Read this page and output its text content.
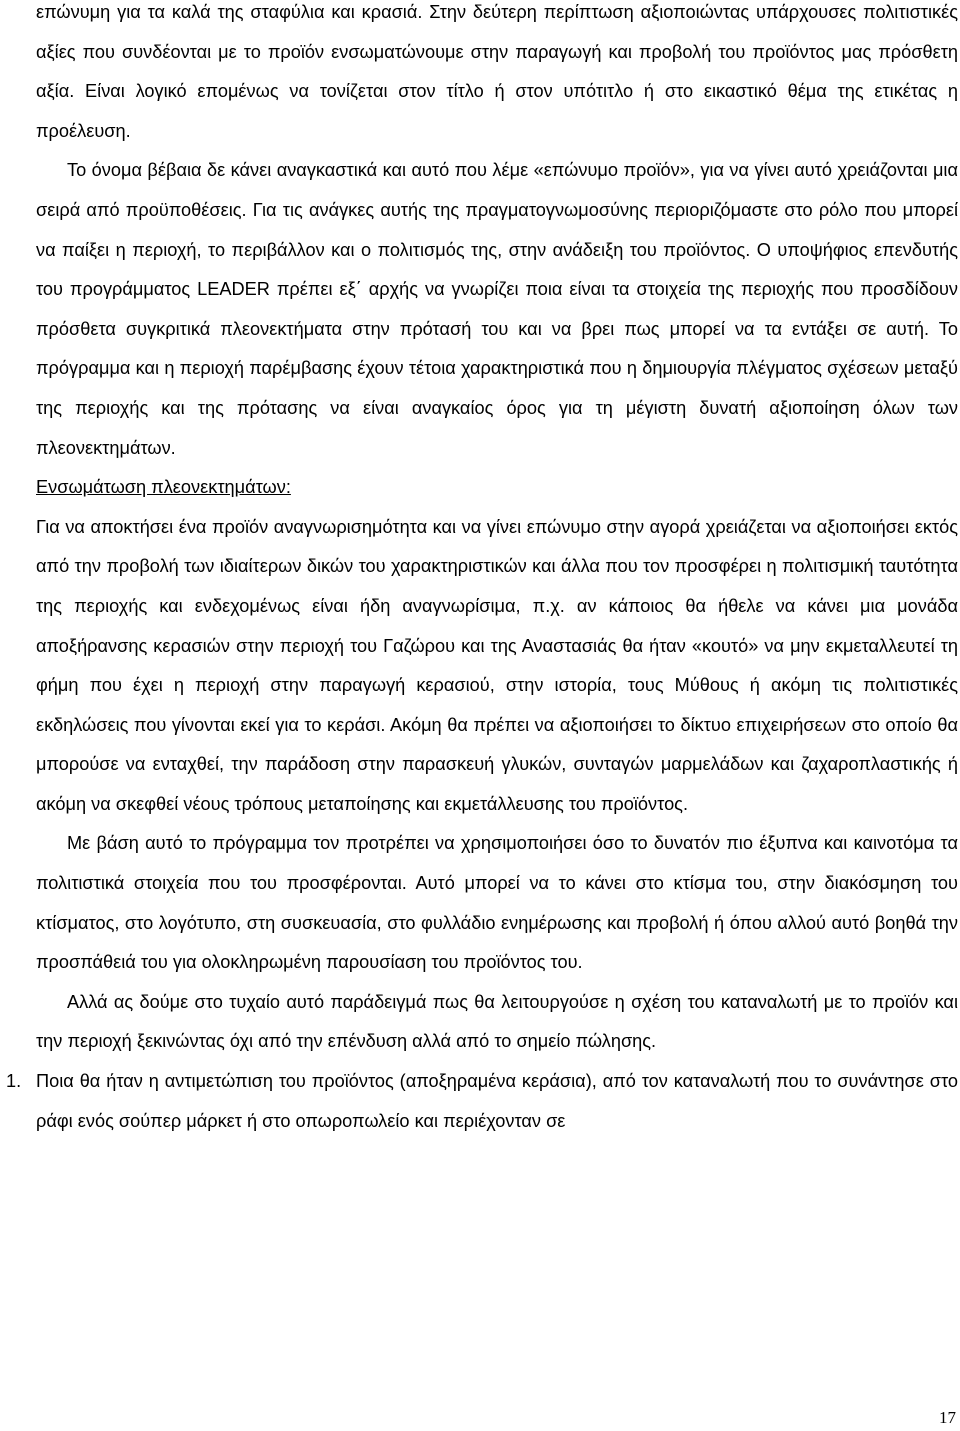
επώνυμη για τα καλά της σταφύλια και κρασιά. Στην δεύτερη περίπτωση αξιοποιώντας υπάρχουσες πολιτιστικές αξίες που συνδέονται με το προϊόν ενσωματώνουμε στην παραγωγή και προβολή του προϊόντος μας πρόσθετη αξία. Είναι λογικό επομένως να τονίζεται στον τίτλο ή στον υπότιτλο ή στο εικαστικό θέμα της ετικέτας η προέλευση.

Το όνομα βέβαια δε κάνει αναγκαστικά και αυτό που λέμε «επώνυμο προϊόν», για να γίνει αυτό χρειάζονται μια σειρά από προϋποθέσεις. Για τις ανάγκες αυτής της πραγματογνωμοσύνης περιοριζόμαστε στο ρόλο που μπορεί να παίξει η περιοχή, το περιβάλλον και ο πολιτισμός της, στην ανάδειξη του προϊόντος. Ο υποψήφιος επενδυτής του προγράμματος LEADER πρέπει εξ΄ αρχής να γνωρίζει ποια είναι τα στοιχεία της περιοχής που προσδίδουν πρόσθετα συγκριτικά πλεονεκτήματα στην πρότασή του και να βρει πως μπορεί να τα εντάξει σε αυτή. Το πρόγραμμα και η περιοχή παρέμβασης έχουν τέτοια χαρακτηριστικά που η δημιουργία πλέγματος σχέσεων μεταξύ της περιοχής και της πρότασης να είναι αναγκαίος όρος για τη μέγιστη δυνατή αξιοποίηση όλων των πλεονεκτημάτων.

Ενσωμάτωση πλεονεκτημάτων:

Για να αποκτήσει ένα προϊόν αναγνωρισημότητα και να γίνει επώνυμο στην αγορά χρειάζεται να αξιοποιήσει εκτός από την προβολή των ιδιαίτερων δικών του χαρακτηριστικών και άλλα που τον προσφέρει η πολιτισμική ταυτότητα της περιοχής και ενδεχομένως είναι ήδη αναγνωρίσιμα, π.χ. αν κάποιος θα ήθελε να κάνει μια μονάδα αποξήρανσης κερασιών στην περιοχή του Γαζώρου και της Αναστασιάς θα ήταν «κουτό» να μην εκμεταλλευτεί τη φήμη που έχει η περιοχή στην παραγωγή κερασιού, στην ιστορία, τους Μύθους ή ακόμη τις πολιτιστικές εκδηλώσεις που γίνονται εκεί για το κεράσι. Ακόμη θα πρέπει να αξιοποιήσει το δίκτυο επιχειρήσεων στο οποίο θα μπορούσε να ενταχθεί, την παράδοση στην παρασκευή γλυκών, συνταγών μαρμελάδων και ζαχαροπλαστικής ή ακόμη να σκεφθεί νέους τρόπους μεταποίησης και εκμετάλλευσης του προϊόντος.

Με βάση αυτό το πρόγραμμα τον προτρέπει να χρησιμοποιήσει όσο το δυνατόν πιο έξυπνα και καινοτόμα τα πολιτιστικά στοιχεία που του προσφέρονται. Αυτό μπορεί να το κάνει στο κτίσμα του, στην διακόσμηση του κτίσματος, στο λογότυπο, στη συσκευασία, στο φυλλάδιο ενημέρωσης και προβολή ή όπου αλλού αυτό βοηθά την προσπάθειά του για ολοκληρωμένη παρουσίαση του προϊόντος του.

Αλλά ας δούμε στο τυχαίο αυτό παράδειγμά πως θα λειτουργούσε η σχέση του καταναλωτή με το προϊόν και την περιοχή ξεκινώντας όχι από την επένδυση αλλά από το σημείο πώλησης.

1. Ποια θα ήταν η αντιμετώπιση του προϊόντος (αποξηραμένα κεράσια), από τον καταναλωτή που το συνάντησε στο ράφι ενός σούπερ μάρκετ ή στο οπωροπωλείο και περιέχονταν σε

17
